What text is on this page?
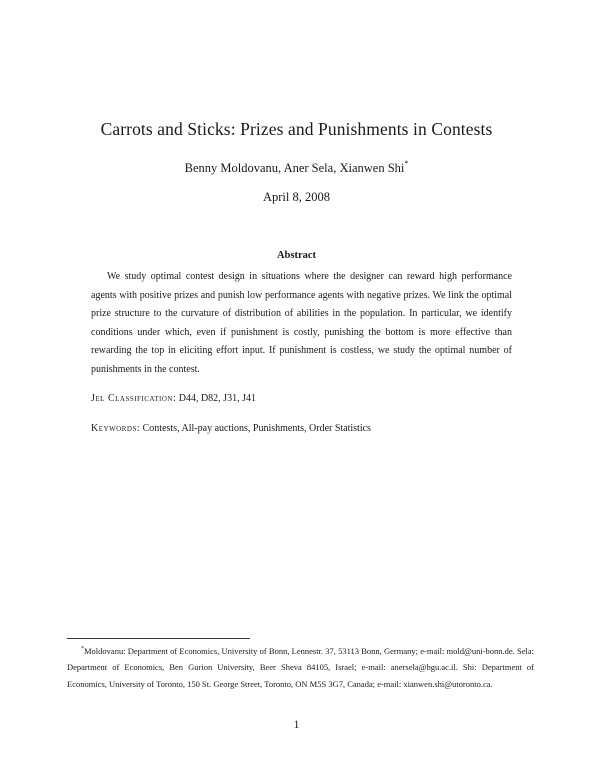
Carrots and Sticks: Prizes and Punishments in Contests
Benny Moldovanu, Aner Sela, Xianwen Shi*
April 8, 2008
Abstract

We study optimal contest design in situations where the designer can reward high performance agents with positive prizes and punish low performance agents with negative prizes. We link the optimal prize structure to the curvature of distribution of abilities in the population. In particular, we identify conditions under which, even if punishment is costly, punishing the bottom is more effective than rewarding the top in eliciting effort input. If punishment is costless, we study the optimal number of punishments in the contest.

Jel Classification: D44, D82, J31, J41
Keywords: Contests, All-pay auctions, Punishments, Order Statistics

*Moldovanu: Department of Economics, University of Bonn, Lennestr. 37, 53113 Bonn, Germany; e-mail: mold@uni-bonn.de. Sela: Department of Economics, Ben Gurion University, Beer Sheva 84105, Israel; e-mail: anersela@bgu.ac.il. Shi: Department of Economics, University of Toronto, 150 St. George Street, Toronto, ON M5S 3G7, Canada; e-mail: xianwen.shi@utoronto.ca.

1
